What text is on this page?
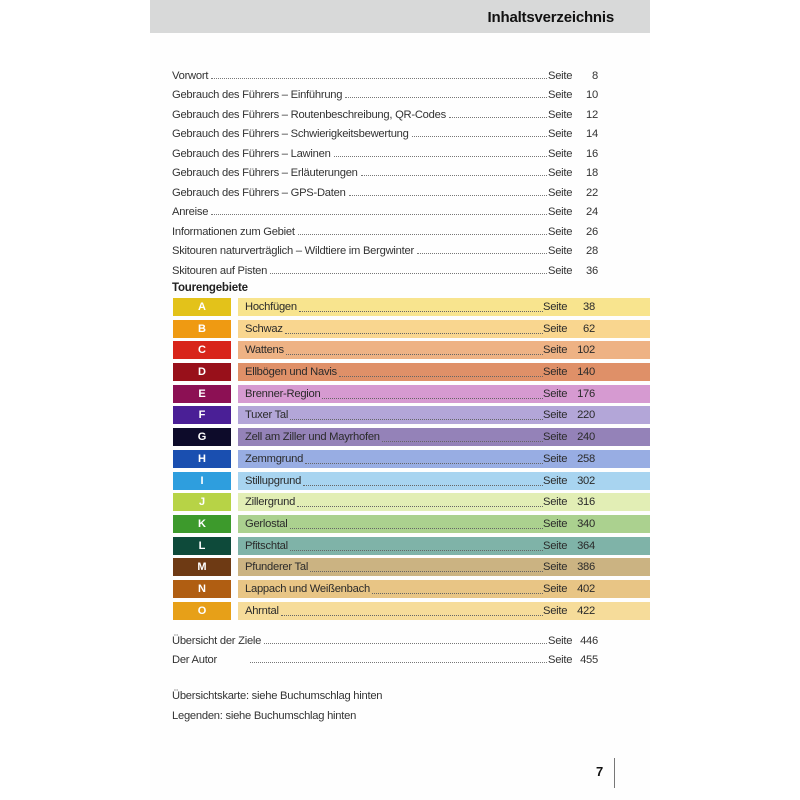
Inhaltsverzeichnis
Vorwort	Seite	8
Gebrauch des Führers – Einführung	Seite	10
Gebrauch des Führers – Routenbeschreibung, QR-Codes	Seite	12
Gebrauch des Führers – Schwierigkeitsbewertung	Seite	14
Gebrauch des Führers – Lawinen	Seite	16
Gebrauch des Führers – Erläuterungen	Seite	18
Gebrauch des Führers – GPS-Daten	Seite	22
Anreise	Seite	24
Informationen zum Gebiet	Seite	26
Skitouren naturverträglich – Wildtiere im Bergwinter	Seite	28
Skitouren auf Pisten	Seite	36
Tourengebiete
A	Hochfügen	Seite	38
B	Schwaz	Seite	62
C	Wattens	Seite 102
D	Ellbögen und Navis	Seite 140
E	Brenner-Region	Seite 176
F	Tuxer Tal	Seite 220
G	Zell am Ziller und Mayrhofen	Seite 240
H	Zemmgrund	Seite 258
I	Stillupgrund	Seite 302
J	Zillergrund	Seite 316
K	Gerlostal	Seite 340
L	Pfitschtal	Seite 364
M	Pfunderer Tal	Seite 386
N	Lappach und Weißenbach	Seite 402
O	Ahrntal	Seite 422
Übersicht der Ziele	Seite 446
Der Autor	Seite 455
Übersichtskarte: siehe Buchumschlag hinten
Legenden: siehe Buchumschlag hinten
7
